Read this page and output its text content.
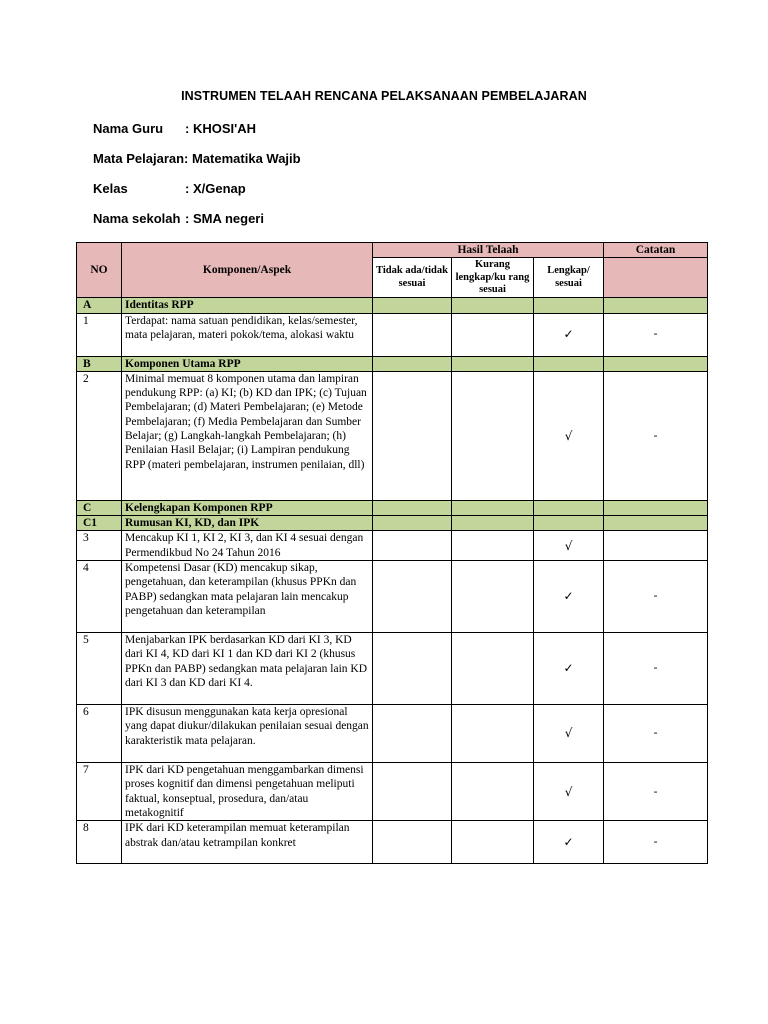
INSTRUMEN TELAAH RENCANA PELAKSANAAN PEMBELAJARAN
Nama Guru : KHOSI'AH
Mata Pelajaran: Matematika Wajib
Kelas	: X/Genap
Nama sekolah : SMA negeri
NO	Komponen/Aspek	Hasil Telaah			Catatan
		Tidak ada/tidak sesuai	Kurang lengkap/ku rang sesuai	Lengkap/ sesuai	
A	Identitas RPP				
1	Terdapat: nama satuan pendidikan, kelas/semester, mata pelajaran, materi pokok/tema, alokasi waktu			✓	-
B	Komponen Utama RPP				
2	Minimal memuat 8 komponen utama dan lampiran pendukung RPP: (a) KI; (b) KD dan IPK; (c) Tujuan Pembelajaran; (d) Materi Pembelajaran; (e) Metode Pembelajaran; (f) Media Pembelajaran dan Sumber Belajar; (g) Langkah-langkah Pembelajaran; (h) Penilaian Hasil Belajar; (i) Lampiran pendukung RPP (materi pembelajaran, instrumen penilaian, dll)			√	-
C	Kelengkapan Komponen RPP				
C1	Rumusan KI, KD, dan IPK				
3	Mencakup KI 1, KI 2, KI 3, dan KI 4 sesuai dengan Permendikbud No 24 Tahun 2016			√	
4	Kompetensi Dasar (KD) mencakup sikap, pengetahuan, dan keterampilan (khusus PPKn dan PABP) sedangkan mata pelajaran lain mencakup pengetahuan dan keterampilan			✓	-
5	Menjabarkan IPK berdasarkan KD dari KI 3, KD dari KI 4, KD dari KI 1 dan KD dari KI 2 (khusus PPKn dan PABP) sedangkan mata pelajaran lain KD dari KI 3 dan KD dari KI 4.			✓	-
6	IPK disusun menggunakan kata kerja opresional yang dapat diukur/dilakukan penilaian sesuai dengan karakteristik mata pelajaran.			√	-
7	IPK dari KD pengetahuan menggambarkan dimensi proses kognitif dan dimensi pengetahuan meliputi faktual, konseptual, prosedura, dan/atau metakognitif			√	-
8	IPK dari KD keterampilan memuat keterampilan abstrak dan/atau ketrampilan konkret			✓	-
